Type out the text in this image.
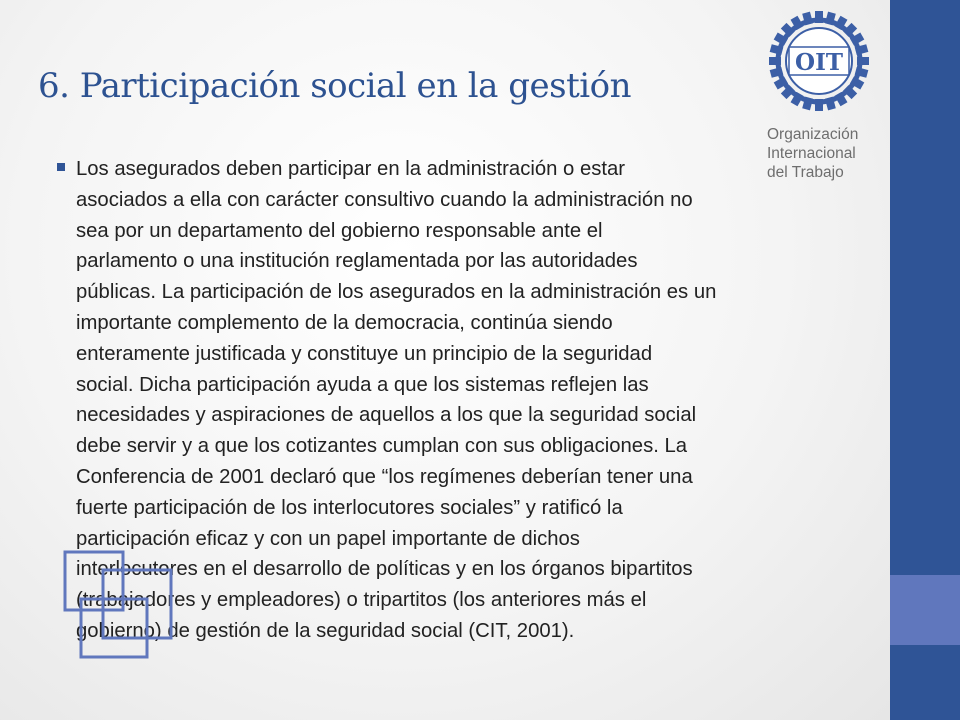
6. Participación social en la gestión

Los asegurados deben participar en la administración o estar
asociados a ella con carácter consultivo cuando la administración no
sea por un departamento del gobierno responsable ante el
parlamento o una institución reglamentada por las autoridades
públicas. La participación de los asegurados en la administración es un
importante complemento de la democracia, continúa siendo
enteramente justificada y constituye un principio de la seguridad
social. Dicha participación ayuda a que los sistemas reflejen las
necesidades y aspiraciones de aquellos a los que la seguridad social
debe servir y a que los cotizantes cumplan con sus obligaciones. La
Conferencia de 2001 declaró que “los regímenes deberían tener una
fuerte participación de los interlocutores sociales” y ratificó la
participación eficaz y con un papel importante de dichos
interlocutores en el desarrollo de políticas y en los órganos bipartitos
(trabajadores y empleadores) o tripartitos (los anteriores más el
gobierno) de gestión de la seguridad social (CIT, 2001).

OIT
Organización
Internacional
del Trabajo
